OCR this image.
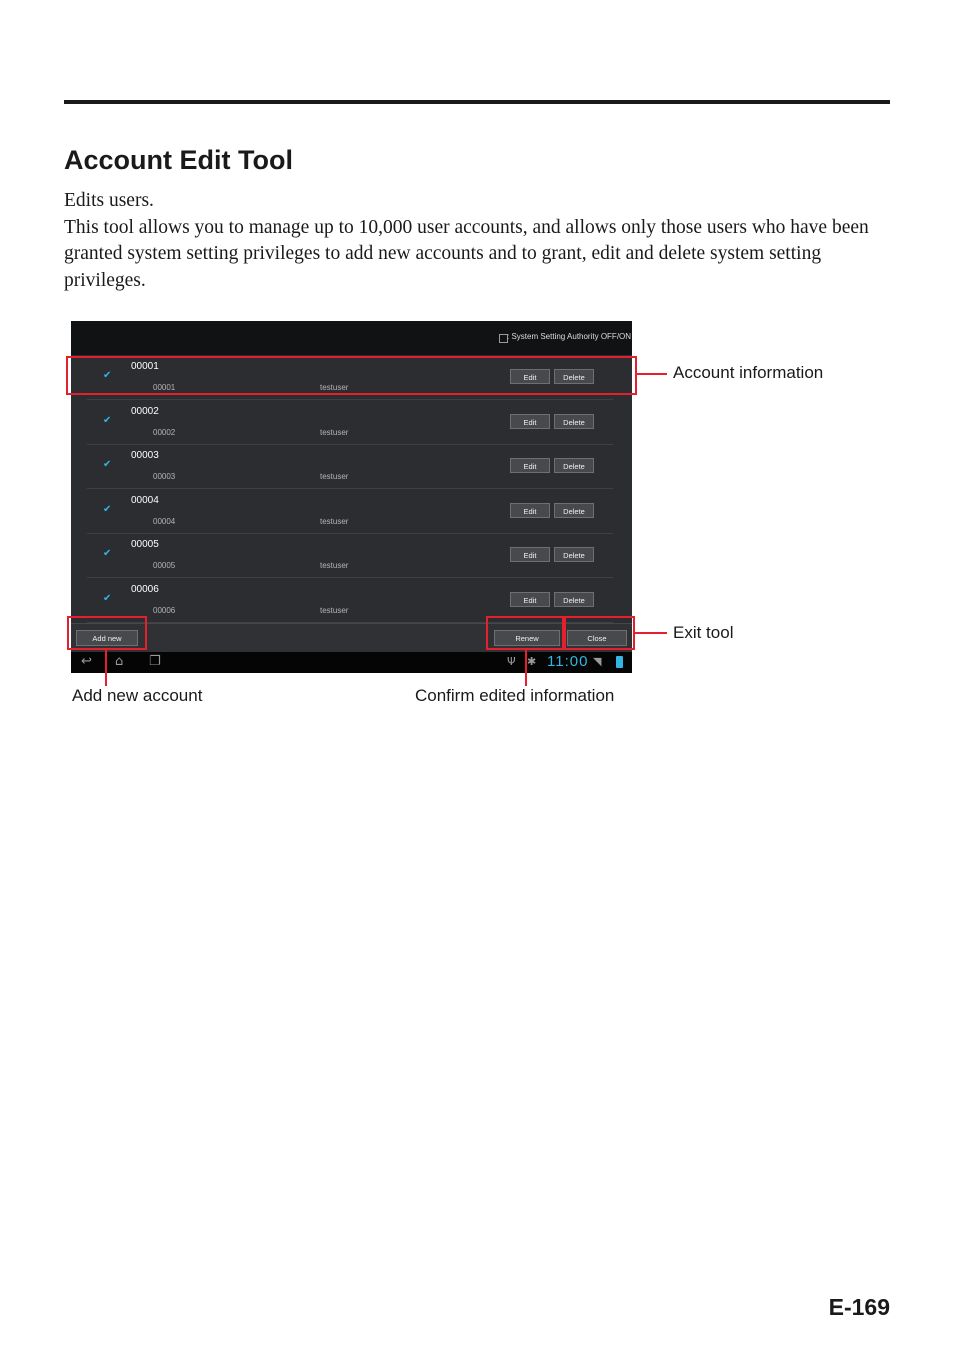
Account Edit Tool

Edits users.

This tool allows you to manage up to 10,000 user accounts, and allows only those users who have been granted system setting privileges to add new accounts and to grant, edit and delete system setting privileges.

: System Setting Authority OFF/ON
✔
00001
00001	testuser
Edit	Delete
✔
00002
00002	testuser
Edit	Delete
✔
00003
00003	testuser
Edit	Delete
✔
00004
00004	testuser
Edit	Delete
✔
00005
00005	testuser
Edit	Delete
✔
00006
00006	testuser
Edit	Delete
Add new	Renew	Close
↩ ⌂ ❐	Ψ ✱ 11:00 ◥

Account information

Add new account	Confirm edited information

Exit tool

E-169
